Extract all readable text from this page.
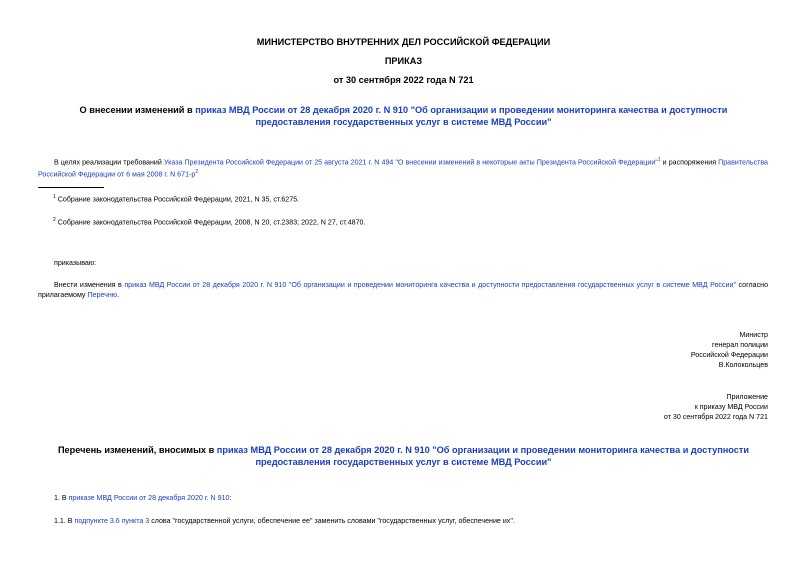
МИНИСТЕРСТВО ВНУТРЕННИХ ДЕЛ РОССИЙСКОЙ ФЕДЕРАЦИИ
ПРИКАЗ
от 30 сентября 2022 года N 721
О внесении изменений в приказ МВД России от 28 декабря 2020 г. N 910 "Об организации и проведении мониторинга качества и доступности предоставления государственных услуг в системе МВД России"
В целях реализации требований Указа Президента Российской Федерации от 25 августа 2021 г. N 494 "О внесении изменений в некоторые акты Президента Российской Федерации"$^1$ и распоряжения Правительства Российской Федерации от 6 мая 2008 г. N $671-р^2$
$^1$ Собрание законодательства Российской Федерации, 2021, N 35, ст.6275.
$^2$ Собрание законодательства Российской Федерации, 2008, N 20, ст.2383; 2022, N 27, ст.4870.
приказываю:
Внести изменения в приказ МВД России от 28 декабря 2020 г. N 910 "Об организации и проведении мониторинга качества и доступности предоставления государственных услуг в системе МВД России" согласно прилагаемому Перечню.
Министр
генерал полиции
Российской Федерации
В.Колокольцев
Приложение
к приказу МВД России
от 30 сентября 2022 года N 721
Перечень изменений, вносимых в приказ МВД России от 28 декабря 2020 г. N 910 "Об организации и проведении мониторинга качества и доступности предоставления государственных услуг в системе МВД России"
1. В приказе МВД России от 28 декабря 2020 г. N 910:
1.1. В подпункте 3.6 пункта 3 слова "государственной услуги, обеспечение ее" заменить словами "государственных услуг, обеспечение их".
